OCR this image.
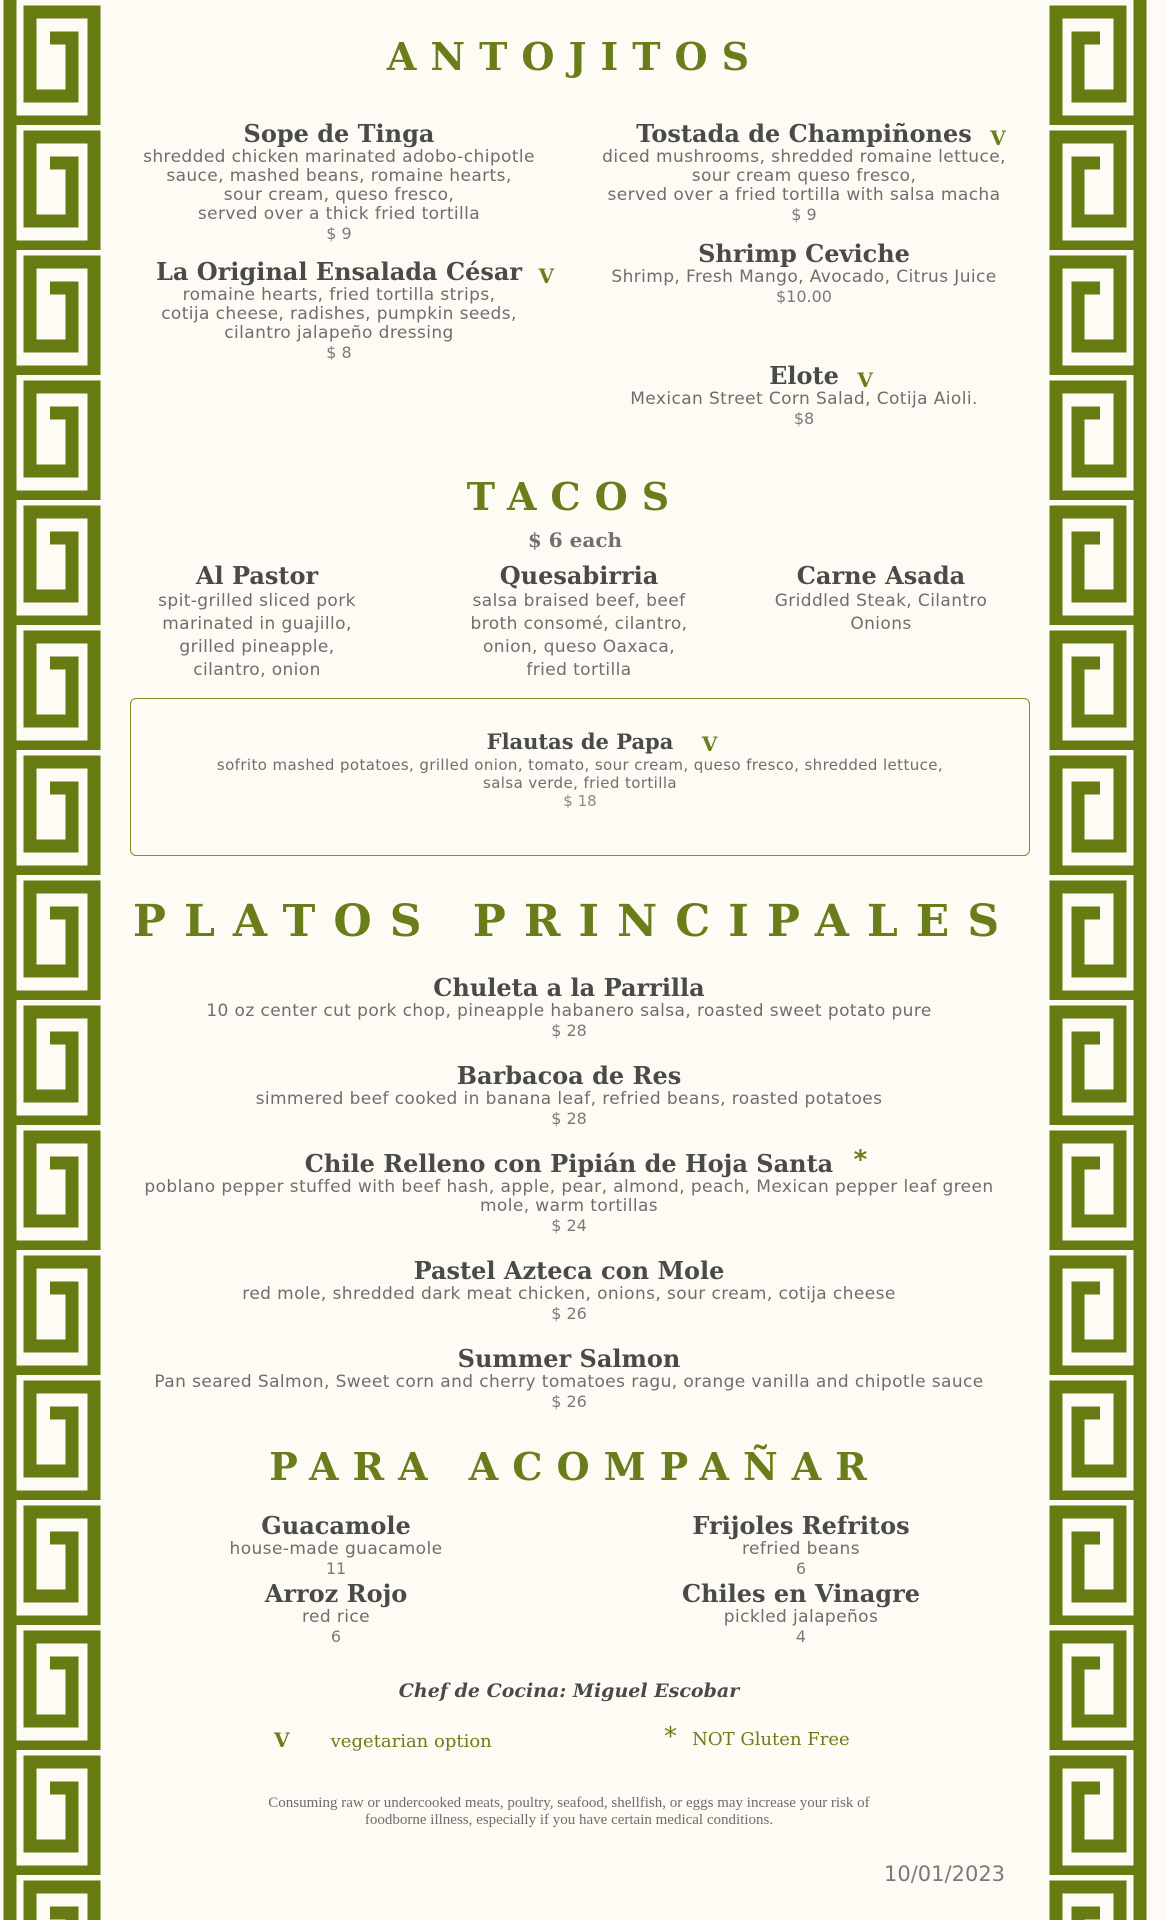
ANTOJITOS
Sope de Tinga
shredded chicken marinated adobo-chipotle
sauce, mashed beans, romaine hearts,
sour cream, queso fresco,
served over a thick fried tortilla
$ 9
La Original Ensalada César V
romaine hearts, fried tortilla strips,
cotija cheese, radishes, pumpkin seeds,
cilantro jalapeño dressing
$ 8
Tostada de Champiñones V
diced mushrooms, shredded romaine lettuce,
sour cream queso fresco,
served over a fried tortilla with salsa macha
$ 9
Shrimp Ceviche
Shrimp, Fresh Mango, Avocado, Citrus Juice
$10.00
Elote V
Mexican Street Corn Salad, Cotija Aioli.
$8
TACOS
$ 6 each
Al Pastor
spit-grilled sliced pork
marinated in guajillo,
grilled pineapple,
cilantro, onion
Quesabirria
salsa braised beef, beef
broth consomé, cilantro,
onion, queso Oaxaca,
fried tortilla
Carne Asada
Griddled Steak, Cilantro
Onions
Flautas de Papa V
sofrito mashed potatoes, grilled onion, tomato, sour cream, queso fresco, shredded lettuce,
salsa verde, fried tortilla
$ 18
PLATOS PRINCIPALES
Chuleta a la Parrilla
10 oz center cut pork chop, pineapple habanero salsa, roasted sweet potato pure
$ 28
Barbacoa de Res
simmered beef cooked in banana leaf, refried beans, roasted potatoes
$ 28
Chile Relleno con Pipián de Hoja Santa *
poblano pepper stuffed with beef hash, apple, pear, almond, peach, Mexican pepper leaf green
mole, warm tortillas
$ 24
Pastel Azteca con Mole
red mole, shredded dark meat chicken, onions, sour cream, cotija cheese
$ 26
Summer Salmon
Pan seared Salmon, Sweet corn and cherry tomatoes ragu, orange vanilla and chipotle sauce
$ 26
PARA ACOMPAÑAR
Guacamole
house-made guacamole
11
Frijoles Refritos
refried beans
6
Arroz Rojo
red rice
6
Chiles en Vinagre
pickled jalapeños
4
Chef de Cocina: Miguel Escobar
V vegetarian option	* NOT Gluten Free
Consuming raw or undercooked meats, poultry, seafood, shellfish, or eggs may increase your risk of
foodborne illness, especially if you have certain medical conditions.
10/01/2023
